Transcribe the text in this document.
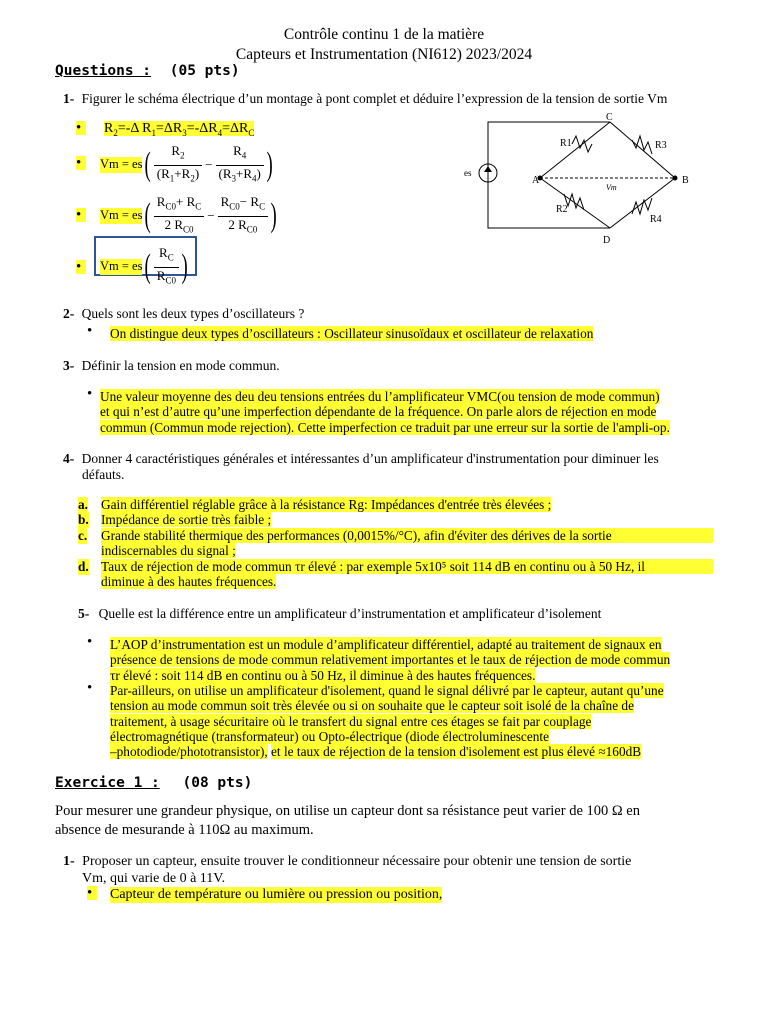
Contrôle continu 1 de la matière
Capteurs et Instrumentation (NI612) 2023/2024
Questions : (05 pts)
1- Figurer le schéma électrique d’un montage à pont complet et déduire l’expression de la tension de sortie Vm
•	$R_2=-\Delta$ $R_1=\Delta R_3=-\Delta R_4=\Delta R_C$
•	Vm = es ( $\frac{R_2}{(R_1+R_2)} - \frac{R_4}{(R_3+R_4)}$ )
•	Vm = es ( $\frac{R_{C0}+ R_C}{2 R_{C0}} - \frac{R_{C0}- R_C}{2 R_{C0}}$ )
•	Vm = es ( $\frac{R_C}{R_{C0}}$ )
C
A	B
D
R1
R2
R3
R4
es
Vm
2- Quels sont les deux types d’oscillateurs ?
• On distingue deux types d’oscillateurs : Oscillateur sinusoïdaux et oscillateur de relaxation
3- Définir la tension en mode commun.
• Une valeur moyenne des deu deu tensions entrées du l’amplificateur VMC(ou tension de mode commun)
et qui n’est d’autre qu’une imperfection dépendante de la fréquence. On parle alors de réjection en mode
commun (Commun mode rejection). Cette imperfection ce traduit par une erreur sur la sortie de l'ampli-op.
4- Donner 4 caractéristiques générales et intéressantes d’un amplificateur d'instrumentation pour diminuer les
défauts.
a. Gain différentiel réglable grâce à la résistance Rg: Impédances d'entrée très élevées ;
b. Impédance de sortie très faible ;
c. Grande stabilité thermique des performances (0,0015%/°C), afin d'éviter des dérives de la sortie
indiscernables du signal ;
d. Taux de réjection de mode commun τr élevé : par exemple 5x10⁵ soit 114 dB en continu ou à 50 Hz, il
diminue à des hautes fréquences.
5- Quelle est la différence entre un amplificateur d’instrumentation et amplificateur d’isolement
• L’AOP d’instrumentation est un module d’amplificateur différentiel, adapté au traitement de signaux en
présence de tensions de mode commun relativement importantes et le taux de réjection de mode commun
τr élevé : soit 114 dB en continu ou à 50 Hz, il diminue à des hautes fréquences.
• Par-ailleurs, on utilise un amplificateur d'isolement, quand le signal délivré par le capteur, autant qu’une
tension au mode commun soit très élevée ou si on souhaite que le capteur soit isolé de la chaîne de
traitement, à usage sécuritaire où le transfert du signal entre ces étages se fait par couplage
électromagnétique (transformateur) ou Opto-électrique (diode électroluminescente
–photodiode/phototransistor), et le taux de réjection de la tension d'isolement est plus élevé ≈160dB
Exercice 1 : (08 pts)
Pour mesurer une grandeur physique, on utilise un capteur dont sa résistance peut varier de 100 Ω en
absence de mesurande à 110Ω au maximum.
1- Proposer un capteur, ensuite trouver le conditionneur nécessaire pour obtenir une tension de sortie
Vm, qui varie de 0 à 11V.
•	Capteur de température ou lumière ou pression ou position,
